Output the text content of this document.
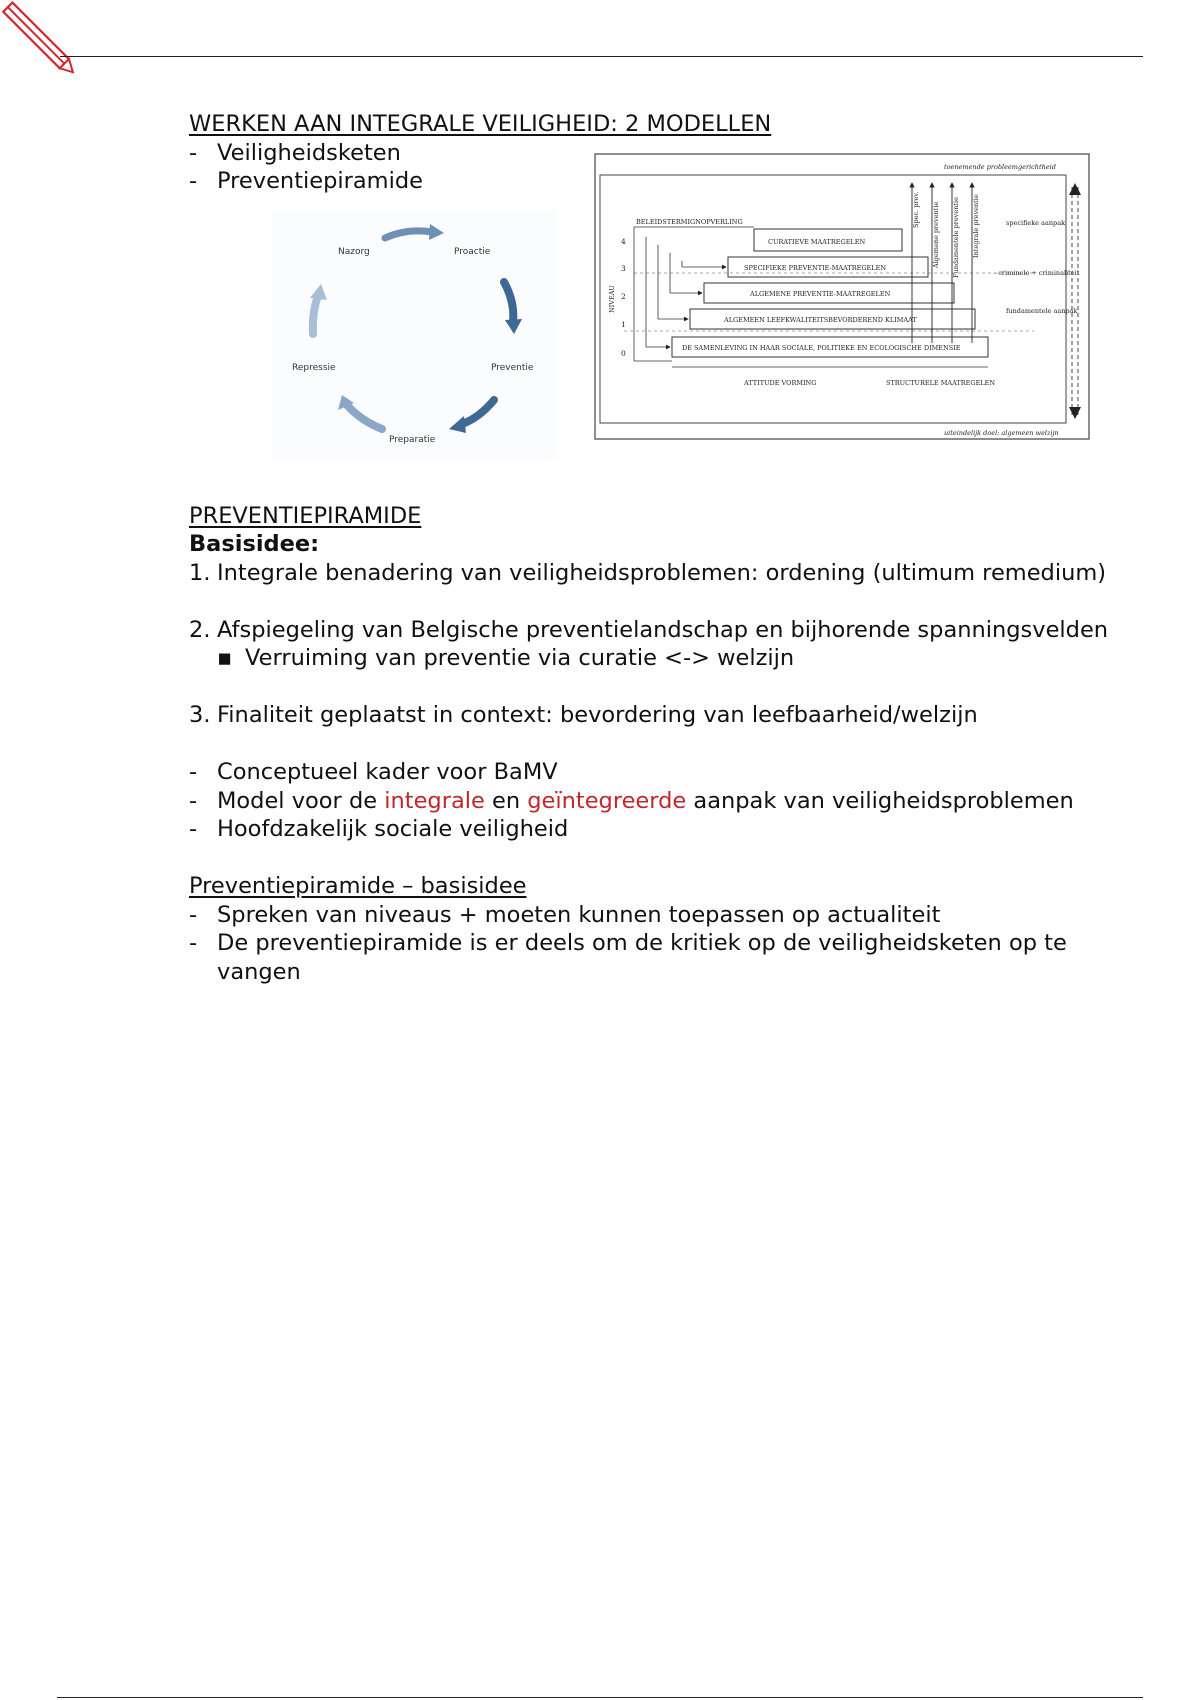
WERKEN AAN INTEGRALE VEILIGHEID: 2 MODELLEN
- Veiligheidsketen
- Preventiepiramide
PREVENTIEPIRAMIDE
Basisidee:
1. Integrale benadering van veiligheidsproblemen: ordening (ultimum remedium)
2. Afspiegeling van Belgische preventielandschap en bijhorende spanningsvelden
▪ Verruiming van preventie via curatie <-> welzijn
3. Finaliteit geplaatst in context: bevordering van leefbaarheid/welzijn
- Conceptueel kader voor BaMV
- Model voor de integrale en geïntegreerde aanpak van veiligheidsproblemen
- Hoofdzakelijk sociale veiligheid
Preventiepiramide – basisidee
- Spreken van niveaus + moeten kunnen toepassen op actualiteit
- De preventiepiramide is er deels om de kritiek op de veiligheidsketen op te vangen
Nazorg	Proactie
Preventie
Preparatie
Repressie
toenemende probleemgerichtheid
uiteindelijk doel: algemeen welzijn
NIVEAU
4
3
2
1
0
BELEIDSTERMIGNOPVERLING
CURATIEVE MAATREGELEN
SPECIFIEKE PREVENTIE-MAATREGELEN
ALGEMENE PREVENTIE-MAATREGELEN
ALGEMEEN LEEFKWALITEITSBEVORDEREND KLIMAAT
DE SAMENLEVING IN HAAR SOCIALE, POLITIEKE EN ECOLOGISCHE DIMENSIE
Spec. prev. Algemene preventie Fundamentele preventie Integrale preventie	specifieke aanpak
- criminele + criminaliteit
fundamentele aanpak
ATTITUDE VORMING	STRUCTURELE MAATREGELEN
